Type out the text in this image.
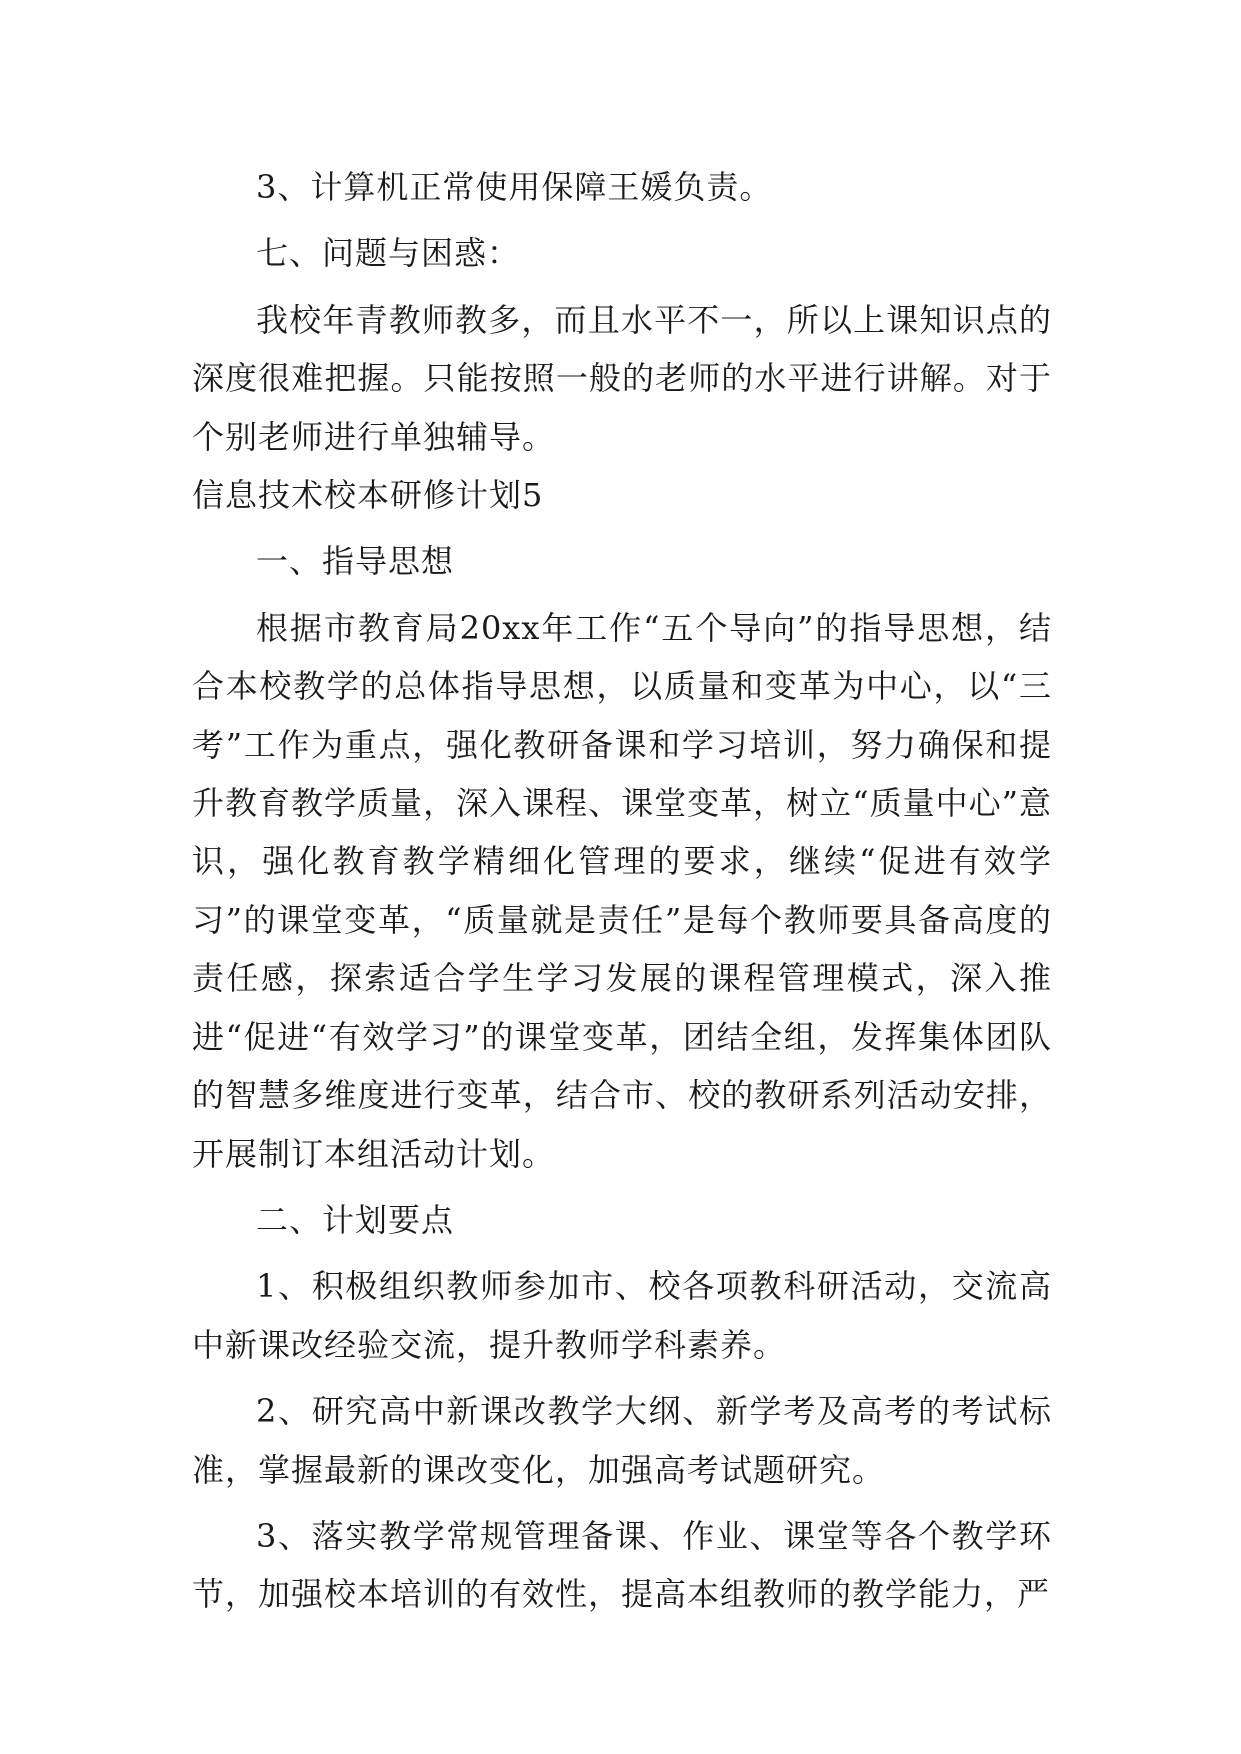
3、计算机正常使用保障王媛负责。

七、问题与困惑：

我校年青教师教多，而且水平不一，所以上课知识点的深度很难把握。只能按照一般的老师的水平进行讲解。对于个别老师进行单独辅导。

信息技术校本研修计划5

一、指导思想

根据市教育局20xx年工作“五个导向”的指导思想，结合本校教学的总体指导思想，以质量和变革为中心，以“三考”工作为重点，强化教研备课和学习培训，努力确保和提升教育教学质量，深入课程、课堂变革，树立“质量中心”意识，强化教育教学精细化管理的要求，继续“促进有效学习”的课堂变革，“质量就是责任”是每个教师要具备高度的责任感，探索适合学生学习发展的课程管理模式，深入推进“促进“有效学习”的课堂变革，团结全组，发挥集体团队的智慧多维度进行变革，结合市、校的教研系列活动安排，开展制订本组活动计划。

二、计划要点

1、积极组织教师参加市、校各项教科研活动，交流高中新课改经验交流，提升教师学科素养。

2、研究高中新课改教学大纲、新学考及高考的考试标准，掌握最新的课改变化，加强高考试题研究。

3、落实教学常规管理备课、作业、课堂等各个教学环节，加强校本培训的有效性，提高本组教师的教学能力，严
